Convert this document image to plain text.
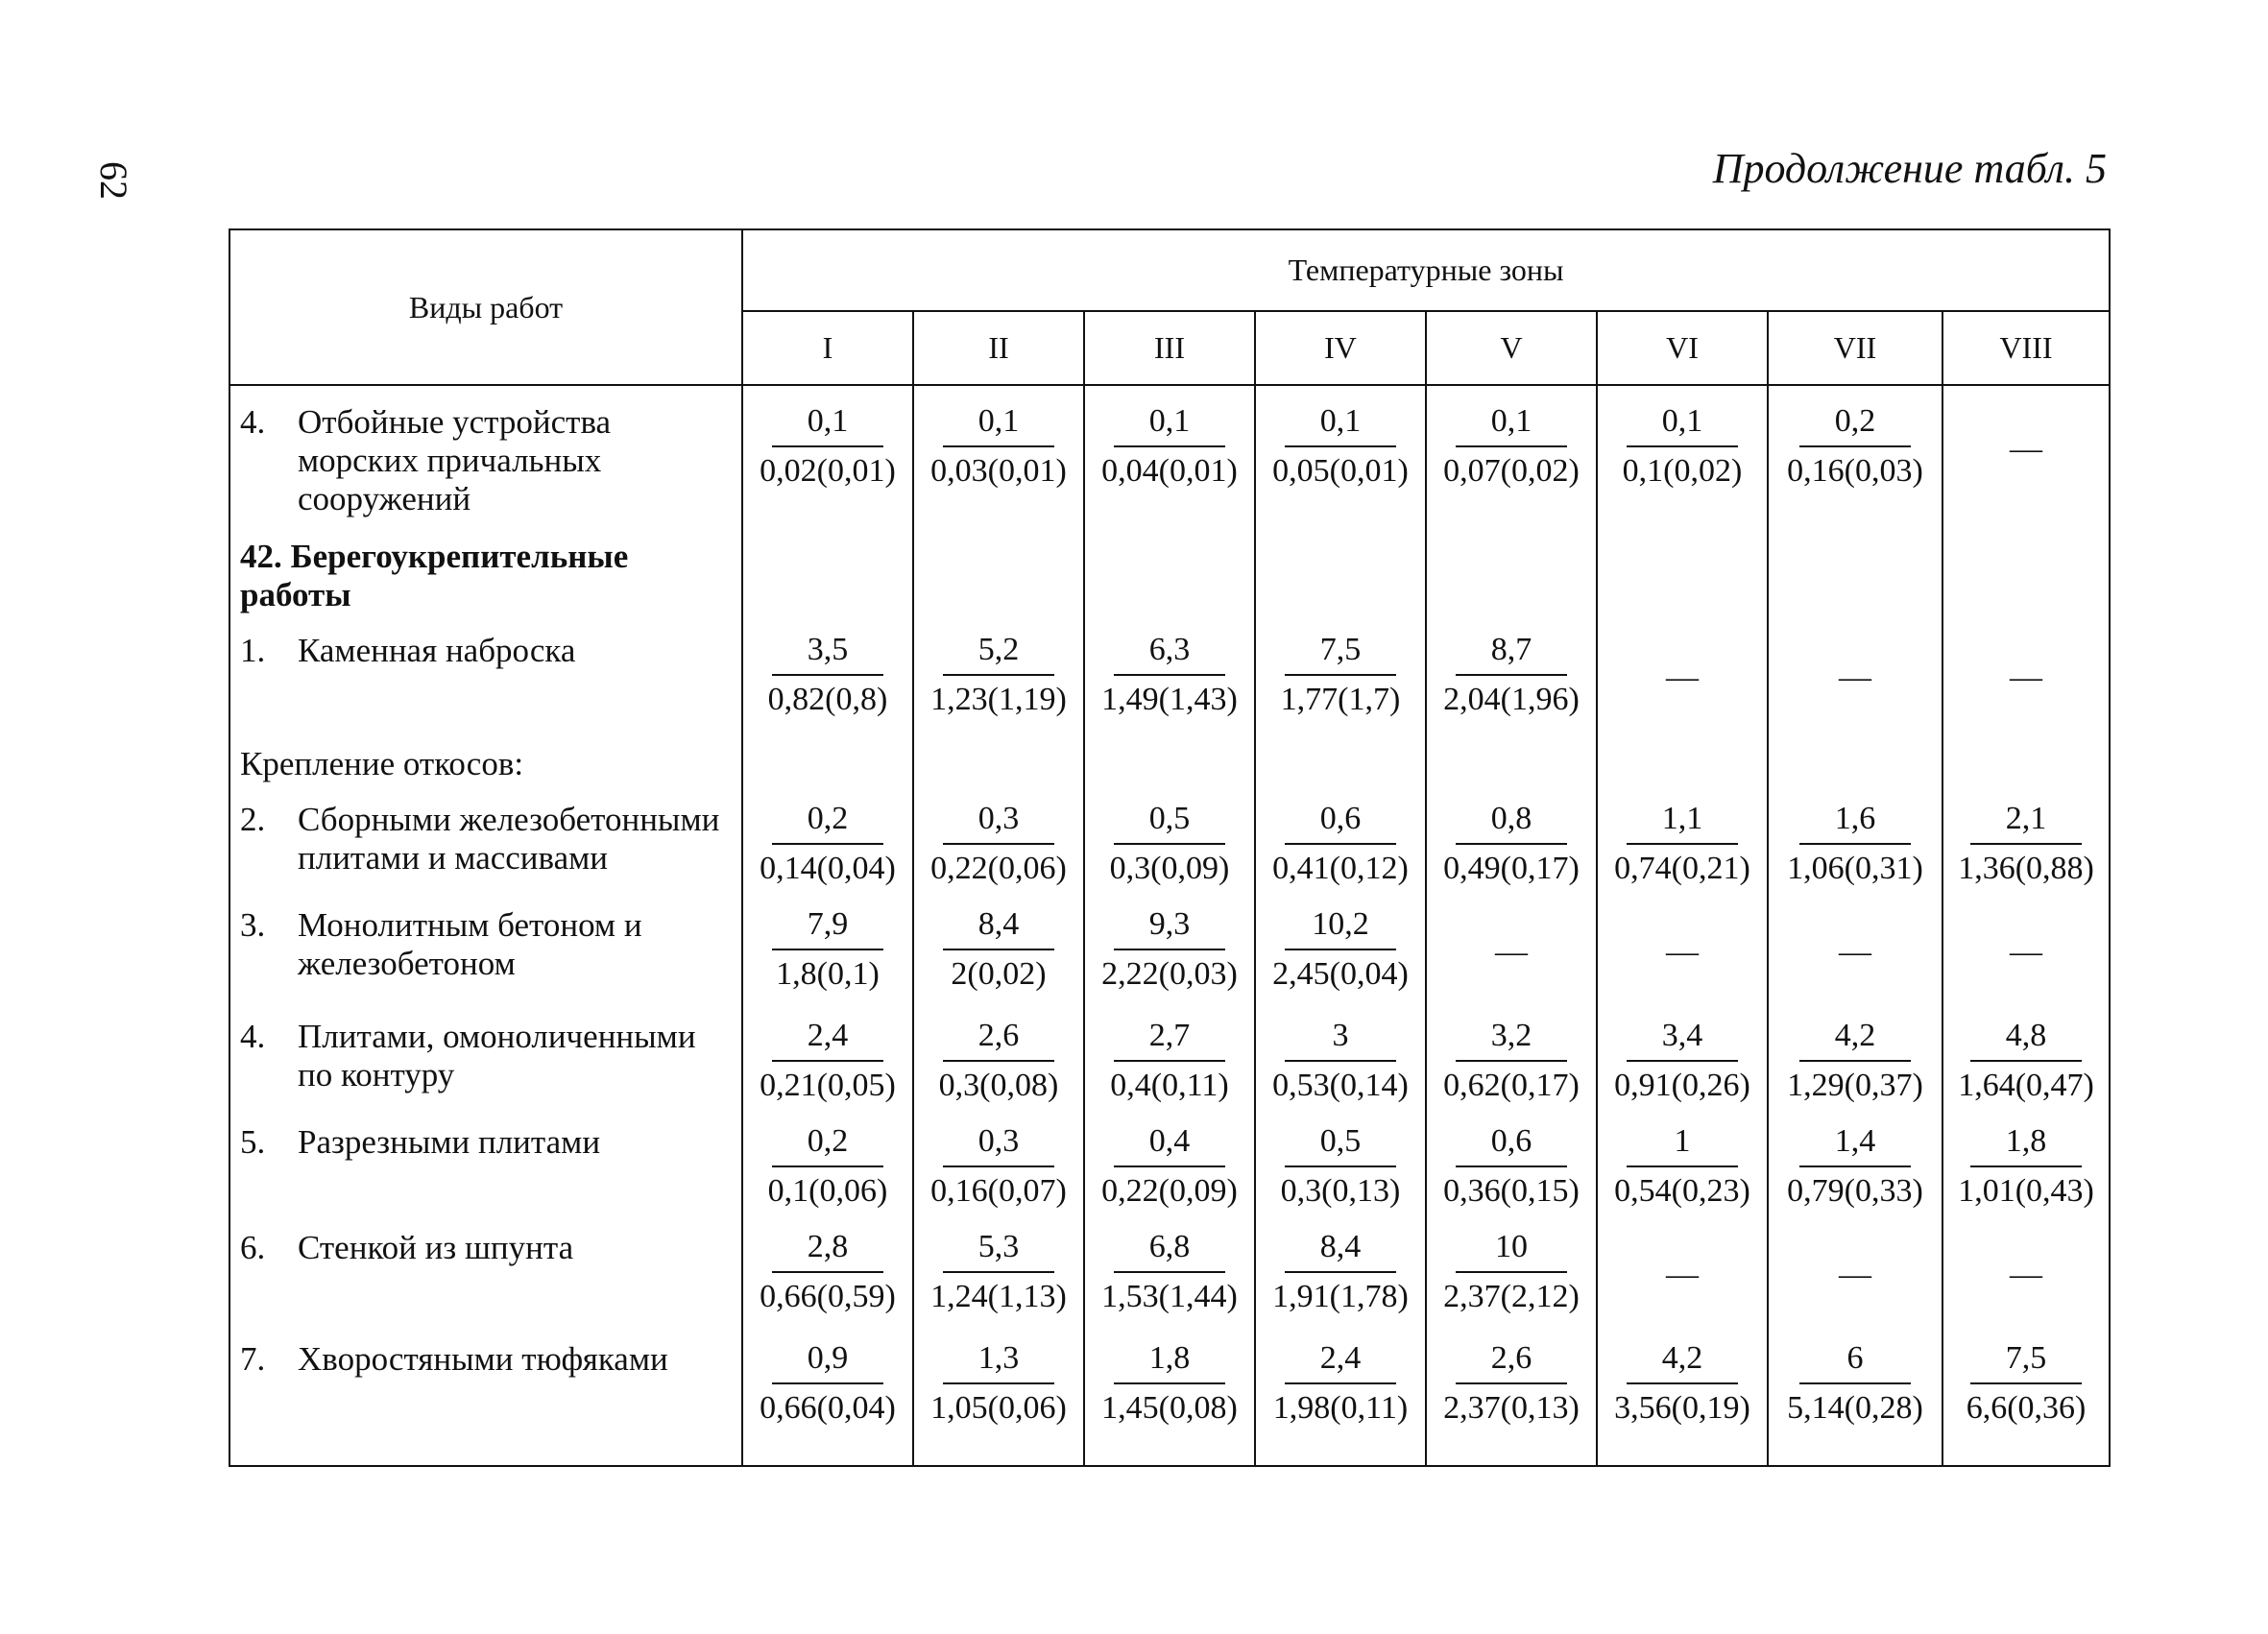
62	Продолжение табл. 5
Виды работ	Температурные зоны							
	I	II	III	IV	V	VI	VII	VIII
4. Отбойные устройства морских причальных сооружений	$\frac{0,1}{0,02(0,01)}$	$\frac{0,1}{0,03(0,01)}$	$\frac{0,1}{0,04(0,01)}$	$\frac{0,1}{0,05(0,01)}$	$\frac{0,1}{0,07(0,02)}$	$\frac{0,1}{0,1(0,02)}$	$\frac{0,2}{0,16(0,03)}$	—
42. Берегоукрепительные работы								
1. Каменная наброска	$\frac{3,5}{0,82(0,8)}$	$\frac{5,2}{1,23(1,19)}$	$\frac{6,3}{1,49(1,43)}$	$\frac{7,5}{1,77(1,7)}$	$\frac{8,7}{2,04(1,96)}$	—	—	—
Крепление откосов:								
2. Сборными железобетонными плитами и массивами	$\frac{0,2}{0,14(0,04)}$	$\frac{0,3}{0,22(0,06)}$	$\frac{0,5}{0,3(0,09)}$	$\frac{0,6}{0,41(0,12)}$	$\frac{0,8}{0,49(0,17)}$	$\frac{1,1}{0,74(0,21)}$	$\frac{1,6}{1,06(0,31)}$	$\frac{2,1}{1,36(0,88)}$

3. Монолитным бетоном и железобетоном	$\frac{7,9}{1,8(0,1)}$	$\frac{8,4}{2(0,02)}$	$\frac{9,3}{2,22(0,03)}$	$\frac{10,2}{2,45(0,04)}$	—	—	—	—
4. Плитами, омоноличенными по контуру	$\frac{2,4}{0,21(0,05)}$	$\frac{2,6}{0,3(0,08)}$	$\frac{2,7}{0,4(0,11)}$	$\frac{3}{0,53(0,14)}$	$\frac{3,2}{0,62(0,17)}$	$\frac{3,4}{0,91(0,26)}$	$\frac{4,2}{1,29(0,37)}$	$\frac{4,8}{1,64(0,47)}$

5. Разрезными плитами	$\frac{0,2}{0,1(0,06)}$	$\frac{0,3}{0,16(0,07)}$	$\frac{0,4}{0,22(0,09)}$	$\frac{0,5}{0,3(0,13)}$	$\frac{0,6}{0,36(0,15)}$	$\frac{1}{0,54(0,23)}$	$\frac{1,4}{0,79(0,33)}$	$\frac{1,8}{1,01(0,43)}$

6. Стенкой из шпунта	$\frac{2,8}{0,66(0,59)}$	$\frac{5,3}{1,24(1,13)}$	$\frac{6,8}{1,53(1,44)}$	$\frac{8,4}{1,91(1,78)}$	$\frac{10}{2,37(2,12)}$	—	—	—
7. Хворостяными тюфяками	$\frac{0,9}{0,66(0,04)}$	$\frac{1,3}{1,05(0,06)}$	$\frac{1,8}{1,45(0,08)}$	$\frac{2,4}{1,98(0,11)}$	$\frac{2,6}{2,37(0,13)}$	$\frac{4,2}{3,56(0,19)}$	$\frac{6}{5,14(0,28)}$	$\frac{7,5}{6,6(0,36)}$
